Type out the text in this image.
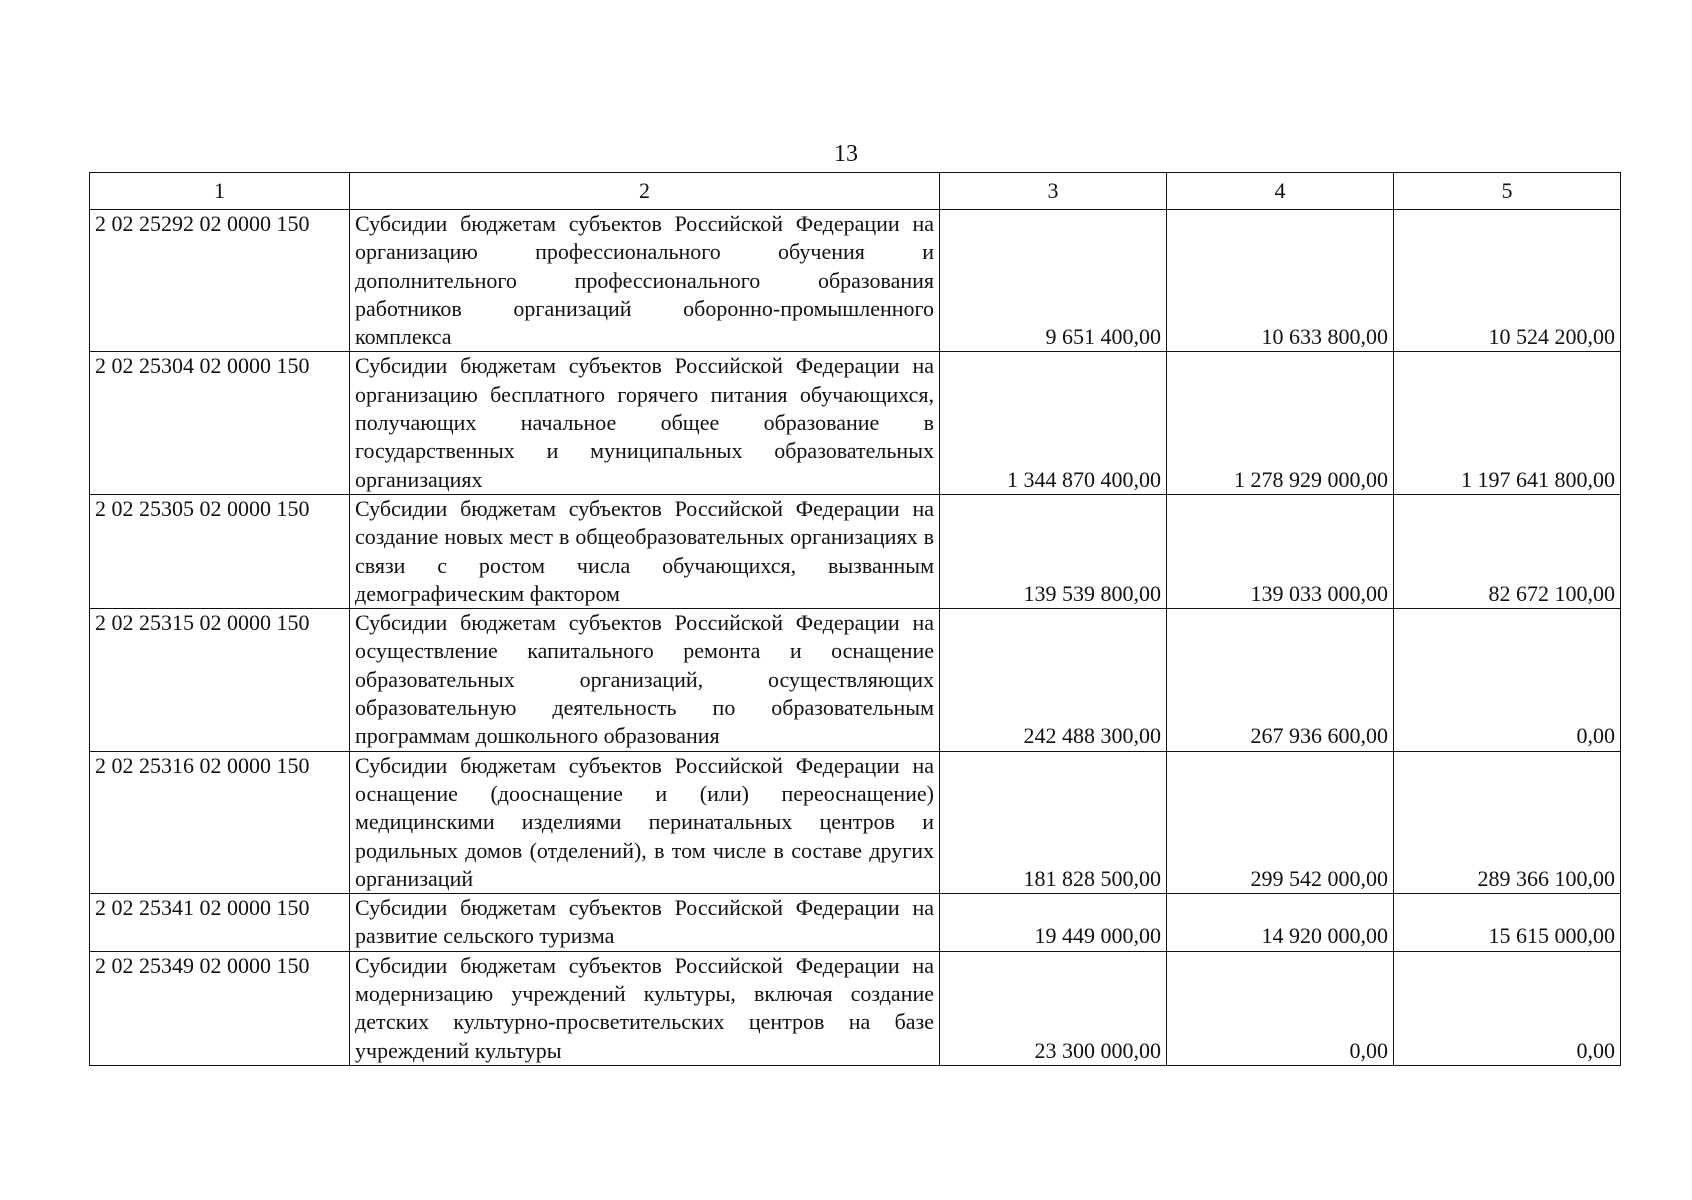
13
1	2	3	4	5
2 02 25292 02 0000 150	Субсидии бюджетам субъектов Российской Федерации на организацию профессионального обучения и дополнительного профессионального образования работников организаций оборонно-промышленного комплекса	9 651 400,00	10 633 800,00	10 524 200,00
2 02 25304 02 0000 150	Субсидии бюджетам субъектов Российской Федерации на организацию бесплатного горячего питания обучающихся, получающих начальное общее образование в государственных и муниципальных образовательных организациях	1 344 870 400,00	1 278 929 000,00	1 197 641 800,00
2 02 25305 02 0000 150	Субсидии бюджетам субъектов Российской Федерации на создание новых мест в общеобразовательных организациях в связи с ростом числа обучающихся, вызванным демографическим фактором	139 539 800,00	139 033 000,00	82 672 100,00
2 02 25315 02 0000 150	Субсидии бюджетам субъектов Российской Федерации на осуществление капитального ремонта и оснащение образовательных организаций, осуществляющих образовательную деятельность по образовательным программам дошкольного образования	242 488 300,00	267 936 600,00	0,00
2 02 25316 02 0000 150	Субсидии бюджетам субъектов Российской Федерации на оснащение (дооснащение и (или) переоснащение) медицинскими изделиями перинатальных центров и родильных домов (отделений), в том числе в составе других организаций	181 828 500,00	299 542 000,00	289 366 100,00
2 02 25341 02 0000 150	Субсидии бюджетам субъектов Российской Федерации на развитие сельского туризма	19 449 000,00	14 920 000,00	15 615 000,00
2 02 25349 02 0000 150	Субсидии бюджетам субъектов Российской Федерации на модернизацию учреждений культуры, включая создание детских культурно-просветительских центров на базе учреждений культуры	23 300 000,00	0,00	0,00
